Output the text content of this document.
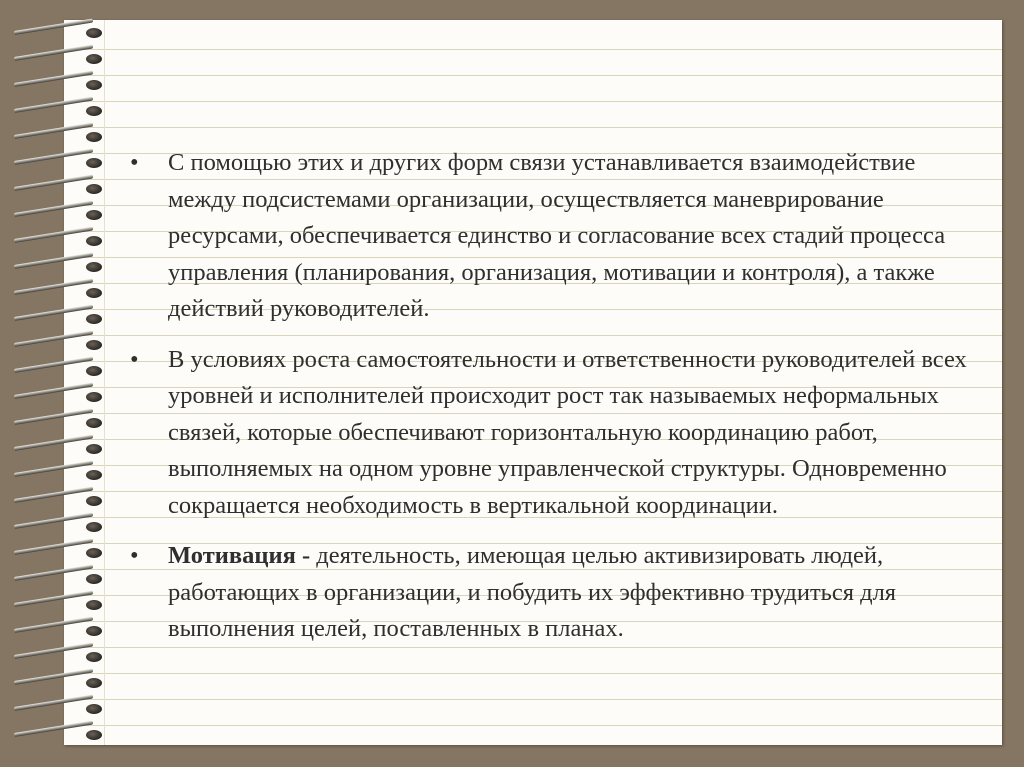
• С помощью этих и других форм связи устанавливается взаимодействие между подсистемами организации, осуществляется маневрирование ресурсами, обеспечивается единство и согласование всех стадий процесса управления (планирования, организация, мотивации и контроля), а также действий руководителей.
• В условиях роста самостоятельности и ответственности руководителей всех уровней и исполнителей происходит рост так называемых неформальных связей, которые обеспечивают горизонтальную координацию работ, выполняемых на одном уровне управленческой структуры. Одновременно сокращается необходимость в вертикальной координации.
• Мотивация - деятельность, имеющая целью активизировать людей, работающих в организации, и побудить их эффективно трудиться для выполнения целей, поставленных в планах.
